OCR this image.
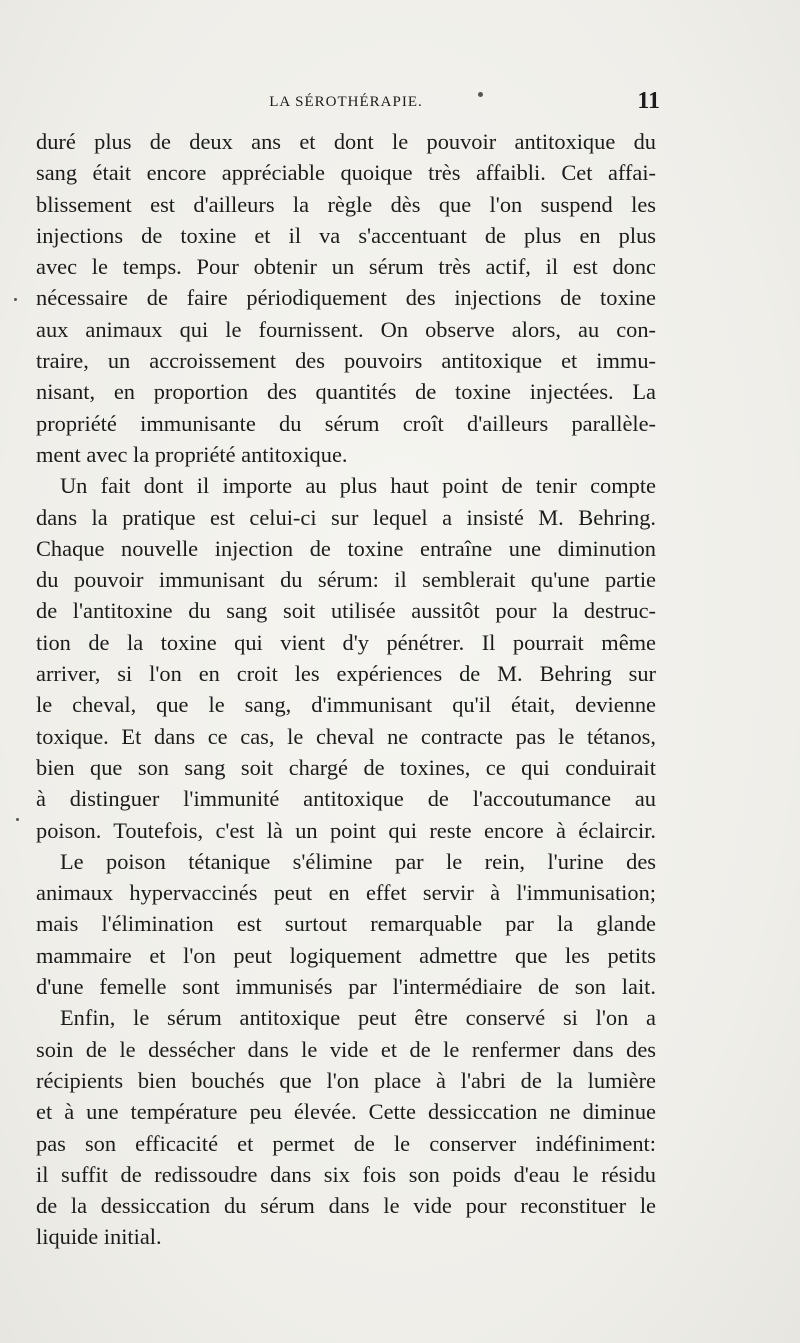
LA SÉROTHÉRAPIE.	11
duré plus de deux ans et dont le pouvoir antitoxique du
sang était encore appréciable quoique très affaibli. Cet affai-
blissement est d'ailleurs la règle dès que l'on suspend les
injections de toxine et il va s'accentuant de plus en plus
avec le temps. Pour obtenir un sérum très actif, il est donc
nécessaire de faire périodiquement des injections de toxine
aux animaux qui le fournissent. On observe alors, au con-
traire, un accroissement des pouvoirs antitoxique et immu-
nisant, en proportion des quantités de toxine injectées. La
propriété immunisante du sérum croît d'ailleurs parallèle-
ment avec la propriété antitoxique.
Un fait dont il importe au plus haut point de tenir compte
dans la pratique est celui-ci sur lequel a insisté M. Behring.
Chaque nouvelle injection de toxine entraîne une diminution
du pouvoir immunisant du sérum: il semblerait qu'une partie
de l'antitoxine du sang soit utilisée aussitôt pour la destruc-
tion de la toxine qui vient d'y pénétrer. Il pourrait même
arriver, si l'on en croit les expériences de M. Behring sur
le cheval, que le sang, d'immunisant qu'il était, devienne
toxique. Et dans ce cas, le cheval ne contracte pas le tétanos,
bien que son sang soit chargé de toxines, ce qui conduirait
à distinguer l'immunité antitoxique de l'accoutumance au
poison. Toutefois, c'est là un point qui reste encore à éclaircir.
Le poison tétanique s'élimine par le rein, l'urine des
animaux hypervaccinés peut en effet servir à l'immunisation;
mais l'élimination est surtout remarquable par la glande
mammaire et l'on peut logiquement admettre que les petits
d'une femelle sont immunisés par l'intermédiaire de son lait.
Enfin, le sérum antitoxique peut être conservé si l'on a
soin de le dessécher dans le vide et de le renfermer dans des
récipients bien bouchés que l'on place à l'abri de la lumière
et à une température peu élevée. Cette dessiccation ne diminue
pas son efficacité et permet de le conserver indéfiniment:
il suffit de redissoudre dans six fois son poids d'eau le résidu
de la dessiccation du sérum dans le vide pour reconstituer le
liquide initial.
